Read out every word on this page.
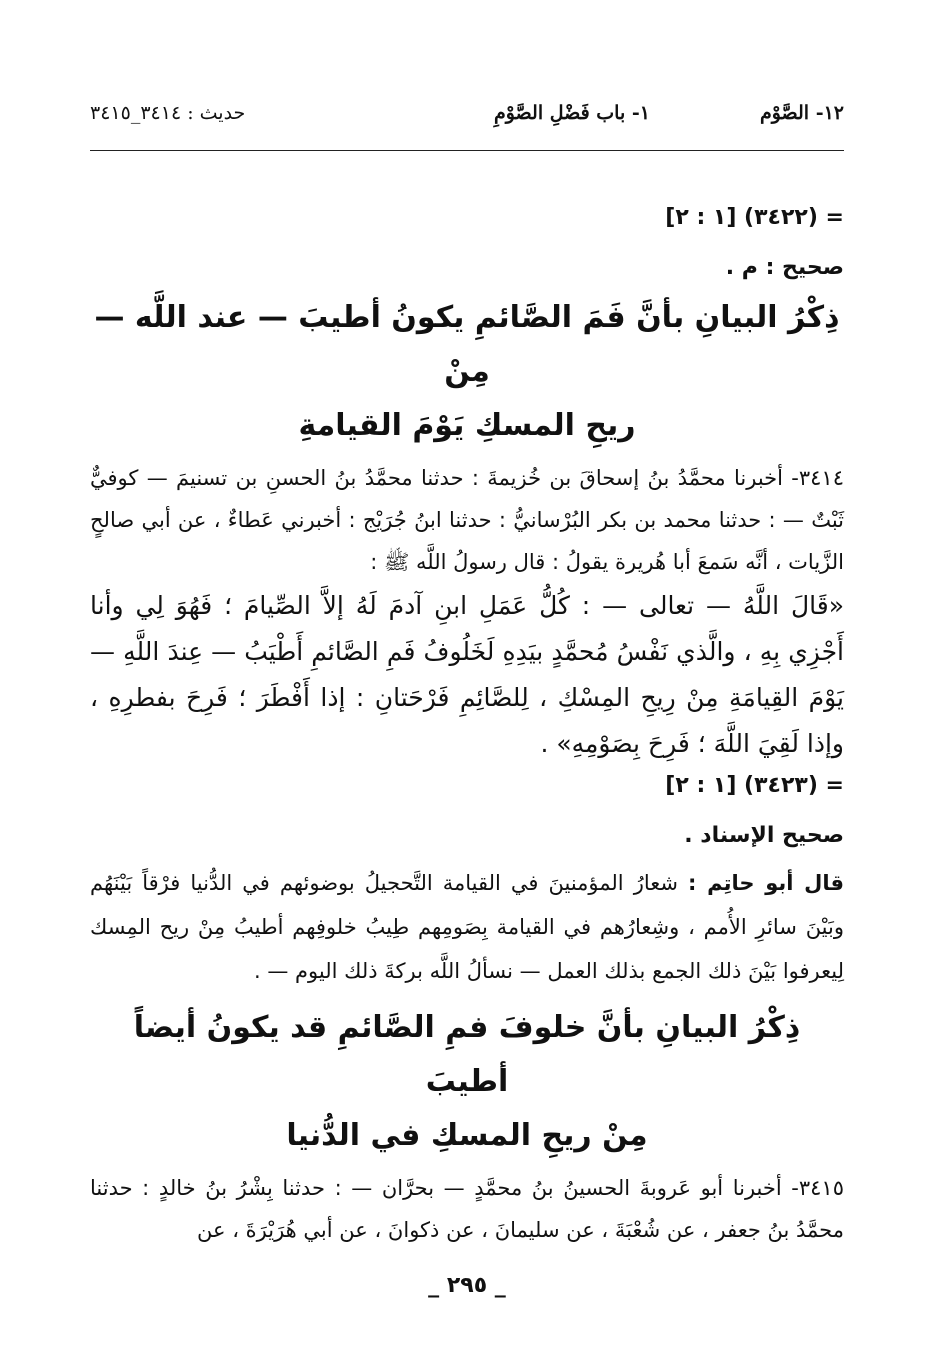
١٢- الصَّوْم
١- باب فَضْلِ الصَّوْمِ
حديث : ٣٤١٤_٣٤١٥
= (٣٤٢٢) [١ : ٢]
صحيح : م .
ذِكْرُ البيانِ بأنَّ فَمَ الصَّائمِ يكونُ أطيبَ — عند اللَّه — مِنْ
ريحِ المسكِ يَوْمَ القيامةِ
٣٤١٤- أخبرنا محمَّدُ بنُ إسحاقَ بن خُزيمةَ : حدثنا محمَّدُ بنُ الحسنِ بن تسنيمَ — كوفيٌّ ثَبْتٌ — : حدثنا محمد بن بكر البُرْسانيُّ : حدثنا ابنُ جُرَيْج : أخبرني عَطاءٌ ، عن أبي صالحٍ الزَّيات ، أنَّه سَمعَ أبا هُريرة يقولُ : قال رسولُ اللَّه ﷺ :
«قَالَ اللَّهُ — تعالى — : كُلُّ عَمَلِ ابنِ آدمَ لَهُ إلاَّ الصِّيامَ ؛ فَهُوَ لِي وأنا أَجْزِي بِهِ ، والَّذي نَفْسُ مُحمَّدٍ بيَدِهِ لَخَلُوفُ فَمِ الصَّائمِ أَطْيَبُ — عِندَ اللَّهِ — يَوْمَ القِيامَةِ مِنْ رِيحِ المِسْكِ ، لِلصَّائِمِ فَرْحَتانِ : إذا أَفْطَرَ ؛ فَرِحَ بفطرِهِ ، وإذا لَقِيَ اللَّهَ ؛ فَرِحَ بِصَوْمِهِ» .
= (٣٤٢٣) [١ : ٢]
صحيح الإسناد .
قال أبو حاتِم : شعارُ المؤمنينَ في القيامة التَّحجيلُ بوضوئهم في الدُّنيا فرْقاً بَيْنَهُم وبَيْنَ سائرِ الأُمم ، وشِعارُهم في القيامة بِصَومِهم طِيبُ خلوفِهم أطيبُ مِنْ ريح المِسك لِيعرفوا بَيْنَ ذلك الجمع بذلك العمل — نسألُ اللَّه بركةَ ذلك اليوم — .
ذِكْرُ البيانِ بأنَّ خلوفَ فمِ الصَّائمِ قد يكونُ أيضاً أطيبَ
مِنْ ريحِ المسكِ في الدُّنيا
٣٤١٥- أخبرنا أبو عَروبةَ الحسينُ بنُ محمَّدٍ — بحرَّان — : حدثنا بِشْرُ بنُ خالدٍ : حدثنا محمَّدُ بنُ جعفر ، عن شُعْبَةَ ، عن سليمانَ ، عن ذكوانَ ، عن أبي هُرَيْرَةَ ، عن
_ ٢٩٥ _
